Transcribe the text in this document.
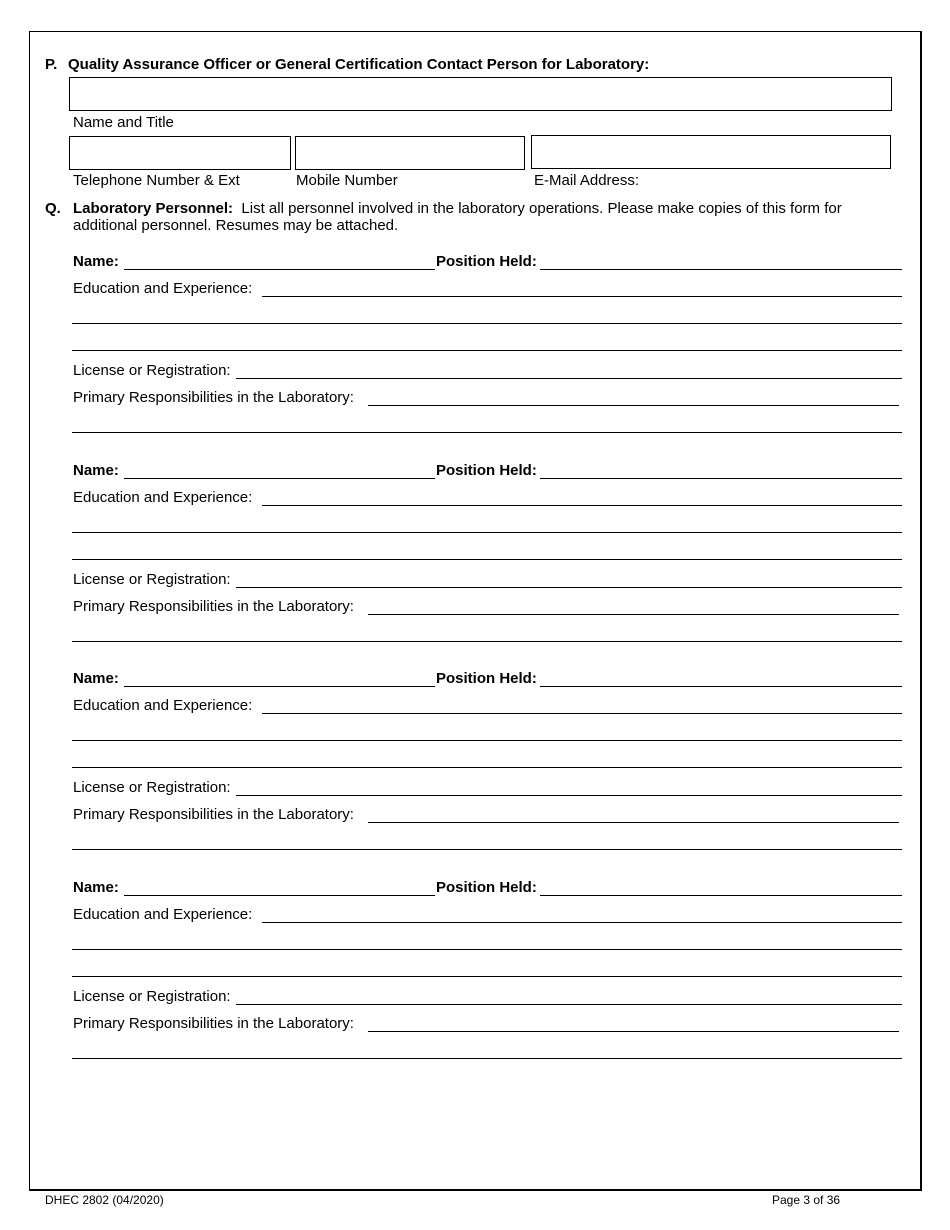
P. Quality Assurance Officer or General Certification Contact Person for Laboratory:
Name and Title
Telephone Number & Ext	Mobile Number	E-Mail Address:
Q. Laboratory Personnel: List all personnel involved in the laboratory operations. Please make copies of this form for
additional personnel. Resumes may be attached.
Name:	Position Held:
Education and Experience:
License or Registration:
Primary Responsibilities in the Laboratory:
Name:	Position Held:
Education and Experience:
License or Registration:
Primary Responsibilities in the Laboratory:
Name:	Position Held:
Education and Experience:
License or Registration:
Primary Responsibilities in the Laboratory:
Name:	Position Held:
Education and Experience:
License or Registration:
Primary Responsibilities in the Laboratory:
DHEC 2802 (04/2020)	Page 3 of 36
